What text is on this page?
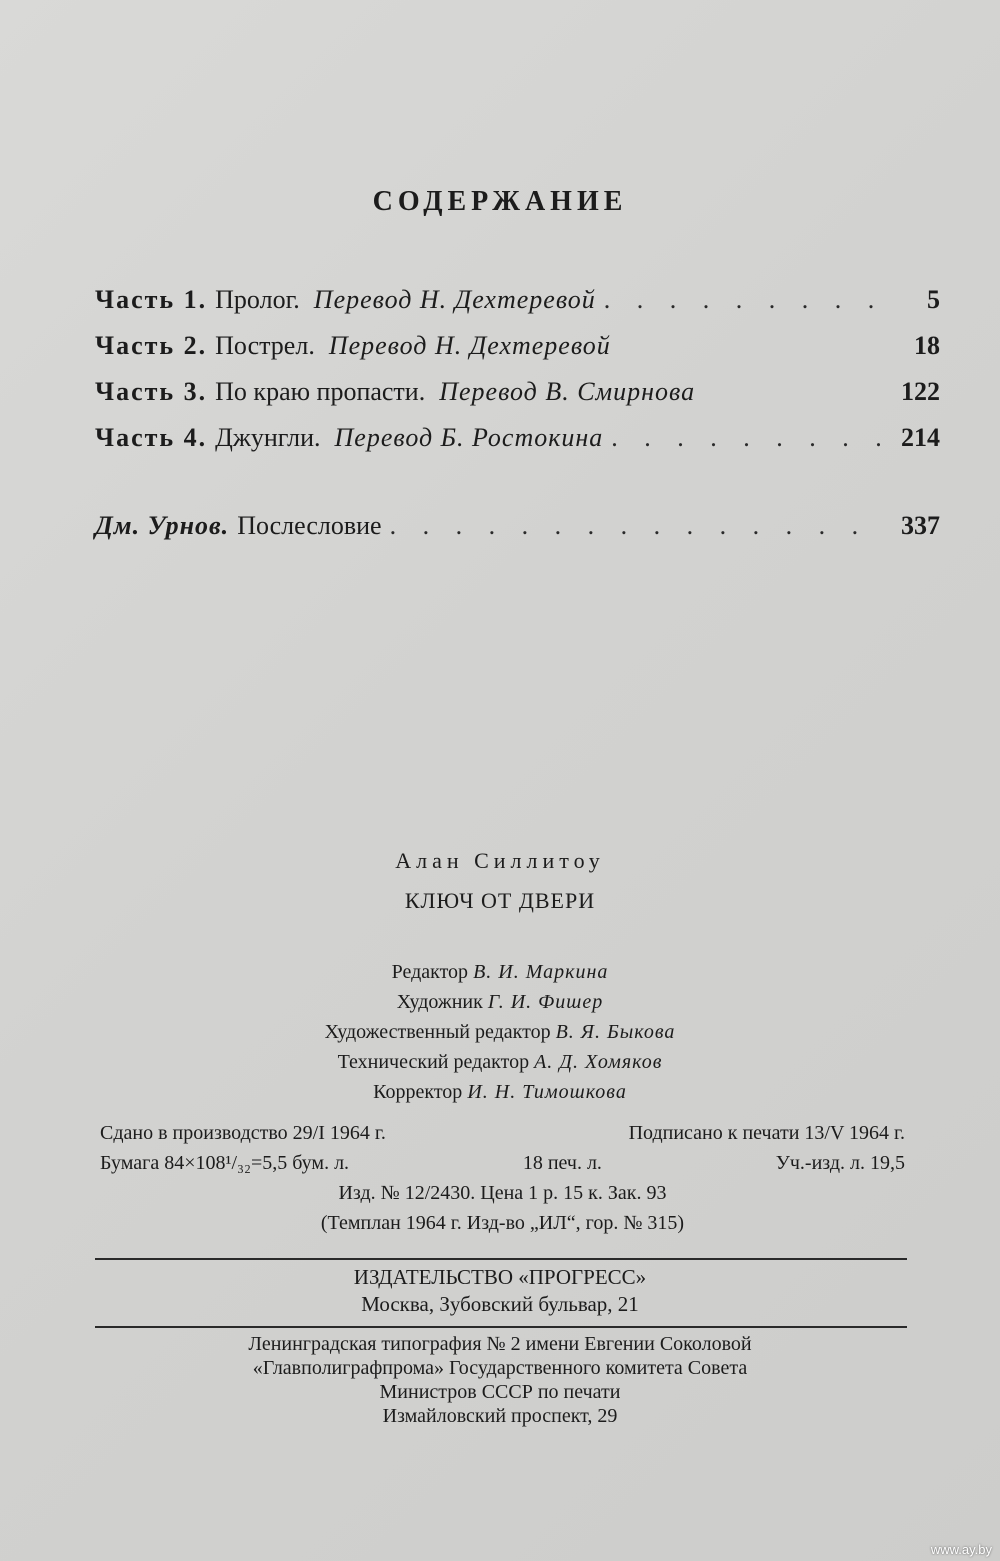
СОДЕРЖАНИЕ
Часть 1. Пролог. Перевод Н. Дехтеревой . . .	5
Часть 2. Пострел. Перевод Н. Дехтеревой	18
Часть 3. По краю пропасти. Перевод В. Смирнова	122
Часть 4. Джунгли. Перевод Б. Ростокина . . .	214
Дм. Урнов. Послесловие . . .	337
Алан Силлитоу
КЛЮЧ ОТ ДВЕРИ
Редактор В. И. Маркина
Художник Г. И. Фишер
Художественный редактор В. Я. Быкова
Технический редактор А. Д. Хомяков
Корректор И. Н. Тимошкова
Сдано в производство 29/I 1964 г.	Подписано к печати 13/V 1964 г.
Бумага 84×108¹/₃₂=5,5 бум. л.	18 печ. л.	Уч.-изд. л. 19,5
Изд. № 12/2430. Цена 1 р. 15 к. Зак. 93
(Темплан 1964 г. Изд-во „ИЛ“, гор. № 315)
ИЗДАТЕЛЬСТВО «ПРОГРЕСС»
Москва, Зубовский бульвар, 21
Ленинградская типография № 2 имени Евгении Соколовой
«Главполиграфпрома» Государственного комитета Совета
Министров СССР по печати
Измайловский проспект, 29
www.ay.by
